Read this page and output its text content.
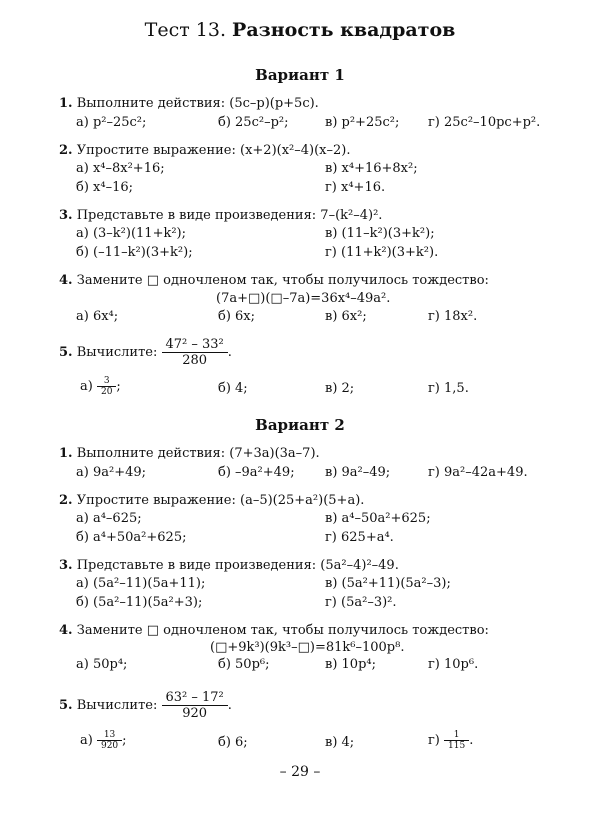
Тест 13. Разность квадратов
Вариант 1
1. Выполните действия: (5c–p)(p+5c).
а) p²–25c²;	б) 25c²–p²;	в) p²+25c²; г) 25c²–10pc+p².
2. Упростите выражение: (x+2)(x²–4)(x–2).
а) x⁴–8x²+16;	в) x⁴+16+8x²;
б) x⁴–16;	г) x⁴+16.
3. Представьте в виде произведения: 7–(k²–4)².
а) (3–k²)(11+k²);	в) (11–k²)(3+k²);
б) (–11–k²)(3+k²);	г) (11+k²)(3+k²).
4. Замените □ одночленом так, чтобы получилось тождество:
(7a+□)(□–7a)=36x⁴–49a².
а) 6x⁴;	б) 6x;	в) 6x²;	г) 18x².
5. Вычислите: $\frac{\text{47² – 33²}}{280}$ .
$а) \frac{3}{20}$ ;	б) 4;	в) 2;	г) 1,5.
Вариант 2
1. Выполните действия: (7+3a)(3a–7).
а) 9a²+49;	б) –9a²+49; в) 9a²–49;	г) 9a²–42a+49.
2. Упростите выражение: (a–5)(25+a²)(5+a).
а) a⁴–625;	в) a⁴–50a²+625;
б) a⁴+50a²+625;	г) 625+a⁴.
3. Представьте в виде произведения: (5a²–4)²–49.
а) (5a²–11)(5a+11);	в) (5a²+11)(5a²–3);
б) (5a²–11)(5a²+3);	г) (5a²–3)².
4. Замените □ одночленом так, чтобы получилось тождество:
(□+9k³)(9k³–□)=81k⁶–100p⁸.
а) 50p⁴;	б) 50p⁶;	в) 10p⁴;	г) 10p⁶.
5. Вычислите: $\frac{\text{63² – 17²}}{920}$ .
$а) \frac{13}{920}$ ;	б) 6;	в) 4;	$г) \frac{1}{115}$ .
– 29 –
